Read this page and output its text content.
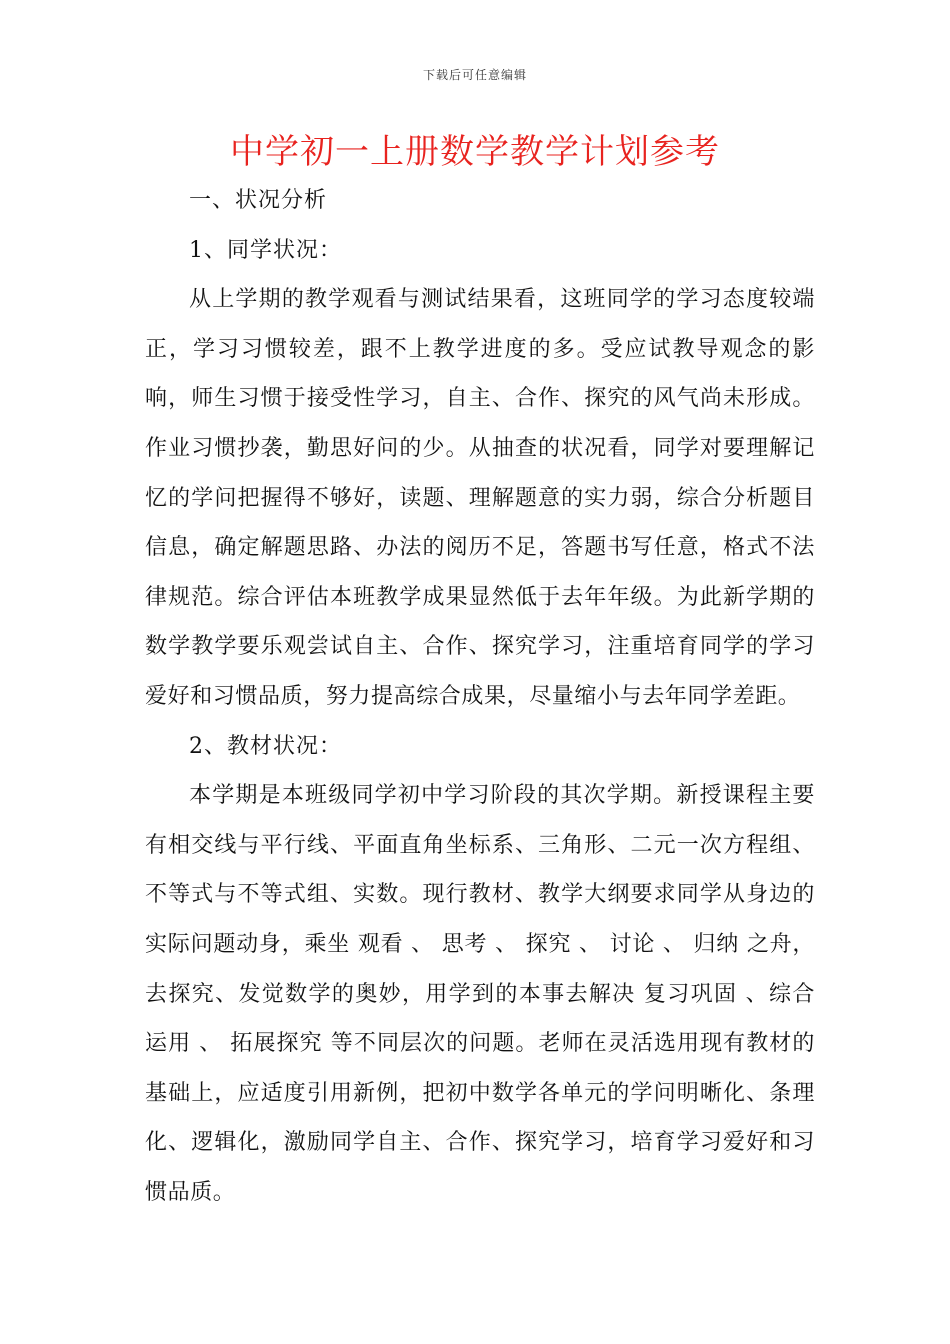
下载后可任意编辑
中学初一上册数学教学计划参考

一、状况分析

1、同学状况：

从上学期的教学观看与测试结果看，这班同学的学习态度较端正，学习习惯较差，跟不上教学进度的多。受应试教导观念的影响，师生习惯于接受性学习，自主、合作、探究的风气尚未形成。作业习惯抄袭，勤思好问的少。从抽查的状况看，同学对要理解记忆的学问把握得不够好，读题、理解题意的实力弱，综合分析题目信息，确定解题思路、办法的阅历不足，答题书写任意，格式不法律规范。综合评估本班教学成果显然低于去年年级。为此新学期的数学教学要乐观尝试自主、合作、探究学习，注重培育同学的学习爱好和习惯品质，努力提高综合成果，尽量缩小与去年同学差距。

2、教材状况：

本学期是本班级同学初中学习阶段的其次学期。新授课程主要有相交线与平行线、平面直角坐标系、三角形、二元一次方程组、不等式与不等式组、实数。现行教材、教学大纲要求同学从身边的实际问题动身，乘坐 观看 、 思考 、 探究 、 讨论 、 归纳 之舟，去探究、发觉数学的奥妙，用学到的本事去解决 复习巩固 、综合运用 、 拓展探究 等不同层次的问题。老师在灵活选用现有教材的基础上，应适度引用新例，把初中数学各单元的学问明晰化、条理化、逻辑化，激励同学自主、合作、探究学习，培育学习爱好和习惯品质。
